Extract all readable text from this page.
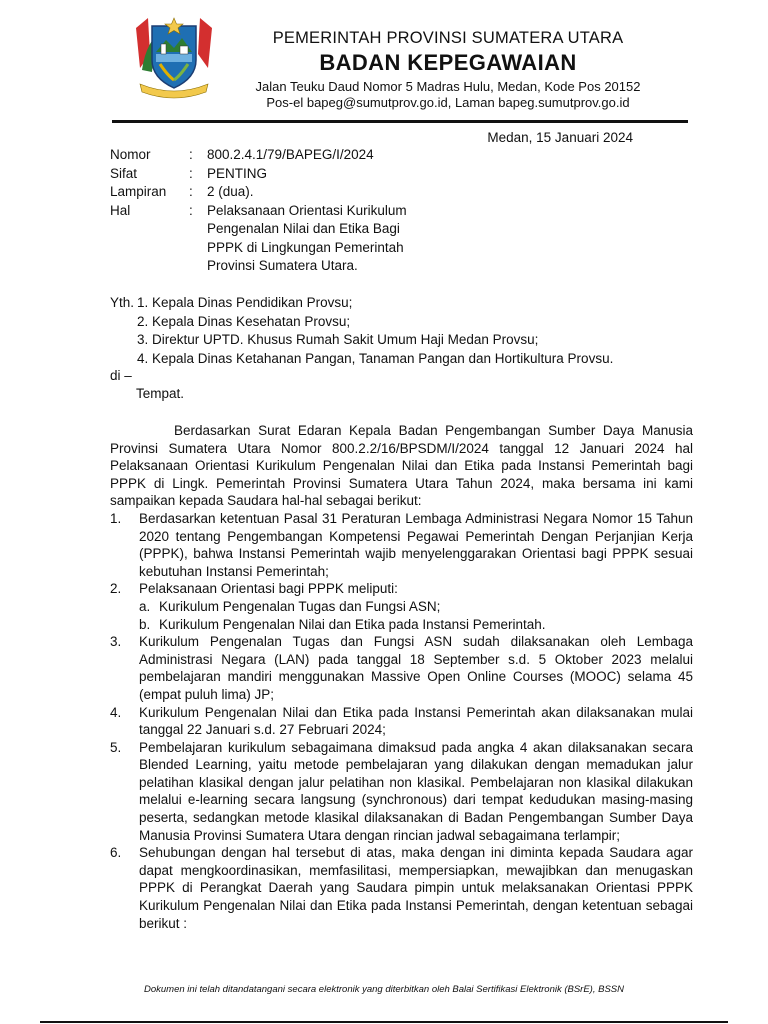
PEMERINTAH PROVINSI SUMATERA UTARA
BADAN KEPEGAWAIAN
Jalan Teuku Daud Nomor 5 Madras Hulu, Medan, Kode Pos 20152
Pos-el bapeg@sumutprov.go.id, Laman bapeg.sumutprov.go.id
Medan, 15 Januari 2024
Nomor	: 800.2.4.1/79/BAPEG/I/2024
Sifat	: PENTING
Lampiran : 2 (dua).
Hal	: Pelaksanaan Orientasi Kurikulum
Pengenalan Nilai dan Etika Bagi
PPPK di Lingkungan Pemerintah
Provinsi Sumatera Utara.
Yth. 1. Kepala Dinas Pendidikan Provsu;
2. Kepala Dinas Kesehatan Provsu;
3. Direktur UPTD. Khusus Rumah Sakit Umum Haji Medan Provsu;
4. Kepala Dinas Ketahanan Pangan, Tanaman Pangan dan Hortikultura Provsu.
di –
Tempat.

Berdasarkan Surat Edaran Kepala Badan Pengembangan Sumber Daya Manusia Provinsi Sumatera Utara Nomor 800.2.2/16/BPSDM/I/2024 tanggal 12 Januari 2024 hal Pelaksanaan Orientasi Kurikulum Pengenalan Nilai dan Etika pada Instansi Pemerintah bagi PPPK di Lingk. Pemerintah Provinsi Sumatera Utara Tahun 2024, maka bersama ini kami sampaikan kepada Saudara hal-hal sebagai berikut:

1. Berdasarkan ketentuan Pasal 31 Peraturan Lembaga Administrasi Negara Nomor 15 Tahun 2020 tentang Pengembangan Kompetensi Pegawai Pemerintah Dengan Perjanjian Kerja (PPPK), bahwa Instansi Pemerintah wajib menyelenggarakan Orientasi bagi PPPK sesuai kebutuhan Instansi Pemerintah;
2. Pelaksanaan Orientasi bagi PPPK meliputi:
a. Kurikulum Pengenalan Tugas dan Fungsi ASN;
b. Kurikulum Pengenalan Nilai dan Etika pada Instansi Pemerintah.
3. Kurikulum Pengenalan Tugas dan Fungsi ASN sudah dilaksanakan oleh Lembaga Administrasi Negara (LAN) pada tanggal 18 September s.d. 5 Oktober 2023 melalui pembelajaran mandiri menggunakan Massive Open Online Courses (MOOC) selama 45 (empat puluh lima) JP;
4. Kurikulum Pengenalan Nilai dan Etika pada Instansi Pemerintah akan dilaksanakan mulai tanggal 22 Januari s.d. 27 Februari 2024;
5. Pembelajaran kurikulum sebagaimana dimaksud pada angka 4 akan dilaksanakan secara Blended Learning, yaitu metode pembelajaran yang dilakukan dengan memadukan jalur pelatihan klasikal dengan jalur pelatihan non klasikal. Pembelajaran non klasikal dilakukan melalui e-learning secara langsung (synchronous) dari tempat kedudukan masing-masing peserta, sedangkan metode klasikal dilaksanakan di Badan Pengembangan Sumber Daya Manusia Provinsi Sumatera Utara dengan rincian jadwal sebagaimana terlampir;
6. Sehubungan dengan hal tersebut di atas, maka dengan ini diminta kepada Saudara agar dapat mengkoordinasikan, memfasilitasi, mempersiapkan, mewajibkan dan menugaskan PPPK di Perangkat Daerah yang Saudara pimpin untuk melaksanakan Orientasi PPPK Kurikulum Pengenalan Nilai dan Etika pada Instansi Pemerintah, dengan ketentuan sebagai berikut :
Dokumen ini telah ditandatangani secara elektronik yang diterbitkan oleh Balai Sertifikasi Elektronik (BSrE), BSSN
